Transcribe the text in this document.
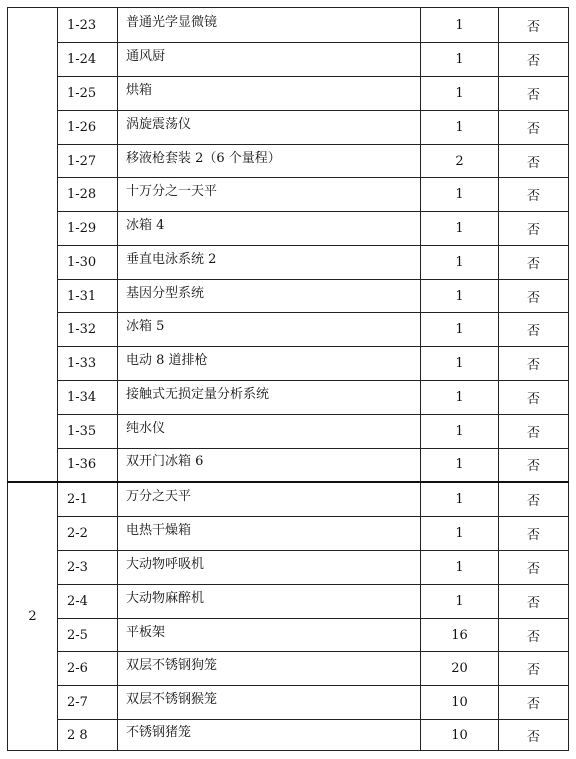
	1-23	普通光学显微镜	1	否
	1-24	通风厨	1	否
	1-25	烘箱	1	否
	1-26	涡旋震荡仪	1	否
	1-27	移液枪套装 2（6 个量程）	2	否
	1-28	十万分之一天平	1	否
	1-29	冰箱 4	1	否
	1-30	垂直电泳系统 2	1	否
	1-31	基因分型系统	1	否
	1-32	冰箱 5	1	否
	1-33	电动 8 道排枪	1	否
	1-34	接触式无损定量分析系统	1	否
	1-35	纯水仪	1	否
	1-36	双开门冰箱 6	1	否
2	2-1	万分之天平	1	否
	2-2	电热干燥箱	1	否
	2-3	大动物呼吸机	1	否
	2-4	大动物麻醉机	1	否
	2-5	平板架	16	否
	2-6	双层不锈钢狗笼	20	否
	2-7	双层不锈钢猴笼	10	否
	2 8	不锈钢猪笼	10	否
